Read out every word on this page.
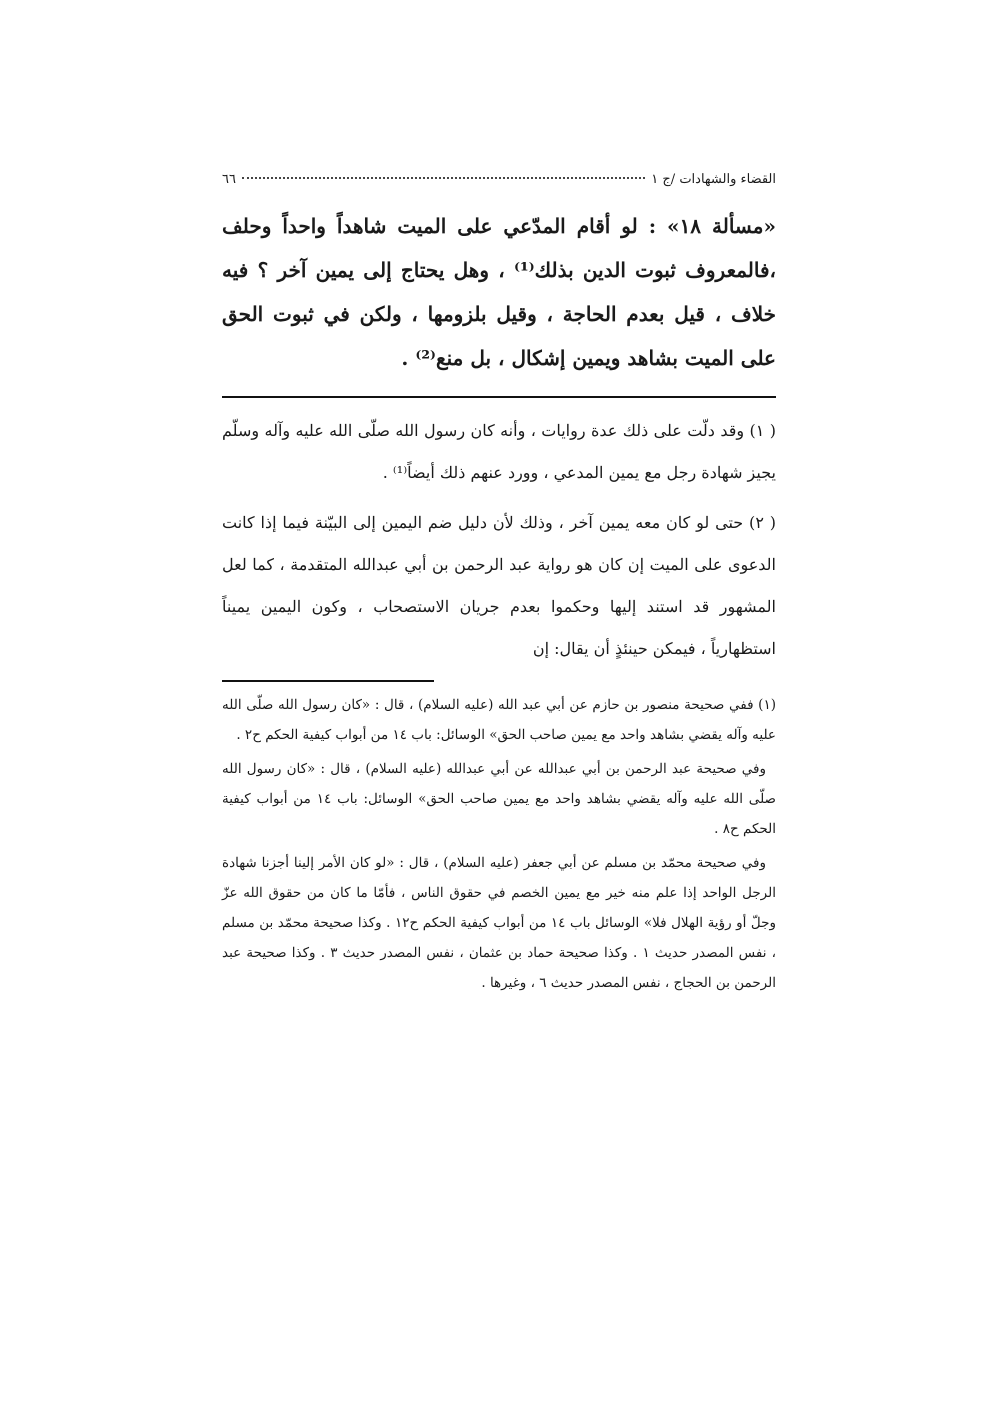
القضاء والشهادات /ج ١
٦٦
«مسألة ١٨» : لو أقام المدّعي على الميت شاهداً واحداً وحلف ،فالمعروف ثبوت الدين بذلك⁽¹⁾ ، وهل يحتاج إلى يمين آخر ؟ فيه خلاف ، قيل بعدم الحاجة ، وقيل بلزومها ، ولكن في ثبوت الحق على الميت بشاهد ويمين إشكال ، بل منع⁽²⁾ .

( ١) وقد دلّت على ذلك عدة روايات ، وأنه كان رسول الله صلّى الله عليه وآله وسلّم يجيز شهادة رجل مع يمين المدعي ، وورد عنهم ذلك أيضاً⁽¹⁾ .

( ٢) حتى لو كان معه يمين آخر ، وذلك لأن دليل ضم اليمين إلى البيّنة فيما إذا كانت الدعوى على الميت إن كان هو رواية عبد الرحمن بن أبي عبدالله المتقدمة ، كما لعل المشهور قد استند إليها وحكموا بعدم جريان الاستصحاب ، وكون اليمين يميناً استظهارياً ، فيمكن حينئذٍ أن يقال: إن

(١) ففي صحيحة منصور بن حازم عن أبي عبد الله (عليه السلام) ، قال : «كان رسول الله صلّى الله عليه وآله يقضي بشاهد واحد مع يمين صاحب الحق» الوسائل: باب ١٤ من أبواب كيفية الحكم ح٢ .

وفي صحيحة عبد الرحمن بن أبي عبدالله عن أبي عبدالله (عليه السلام) ، قال : «كان رسول الله صلّى الله عليه وآله يقضي بشاهد واحد مع يمين صاحب الحق» الوسائل: باب ١٤ من أبواب كيفية الحكم ح٨ .

وفي صحيحة محمّد بن مسلم عن أبي جعفر (عليه السلام) ، قال : «لو كان الأمر إلينا أجزنا شهادة الرجل الواحد إذا علم منه خير مع يمين الخصم في حقوق الناس ، فأمّا ما كان من حقوق الله عزّ وجلّ أو رؤية الهلال فلا» الوسائل باب ١٤ من أبواب كيفية الحكم ح١٢ . وكذا صحيحة محمّد بن مسلم ، نفس المصدر حديث ١ . وكذا صحيحة حماد بن عثمان ، نفس المصدر حديث ٣ . وكذا صحيحة عبد الرحمن بن الحجاج ، نفس المصدر حديث ٦ ، وغيرها .
